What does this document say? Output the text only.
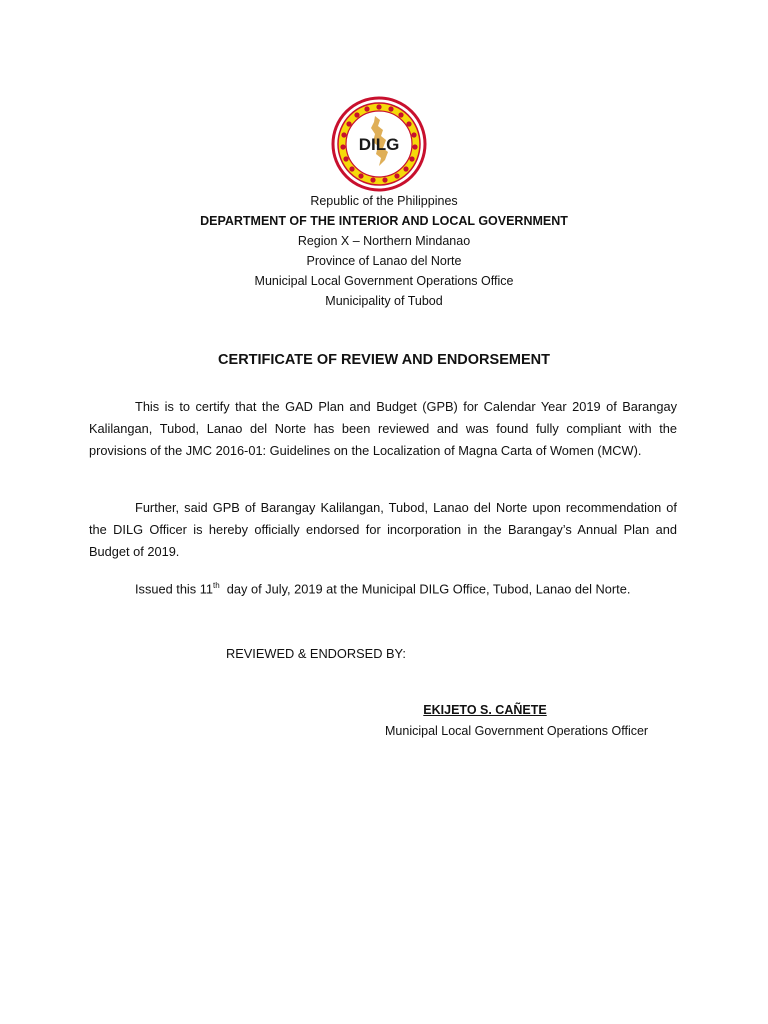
DILG
Republic of the Philippines
DEPARTMENT OF THE INTERIOR AND LOCAL GOVERNMENT
Region X – Northern Mindanao
Province of Lanao del Norte
Municipal Local Government Operations Office
Municipality of Tubod
CERTIFICATE OF REVIEW AND ENDORSEMENT

This is to certify that the GAD Plan and Budget (GPB) for Calendar Year 2019 of Barangay Kalilangan, Tubod, Lanao del Norte has been reviewed and was found fully compliant with the provisions of the JMC 2016-01: Guidelines on the Localization of Magna Carta of Women (MCW).

Further, said GPB of Barangay Kalilangan, Tubod, Lanao del Norte upon recommendation of the DILG Officer is hereby officially endorsed for incorporation in the Barangay’s Annual Plan and Budget of 2019.

Issued this 11th  day of July, 2019 at the Municipal DILG Office, Tubod, Lanao del Norte.

REVIEWED & ENDORSED BY:
EKIJETO S. CAÑETE
Municipal Local Government Operations Officer
